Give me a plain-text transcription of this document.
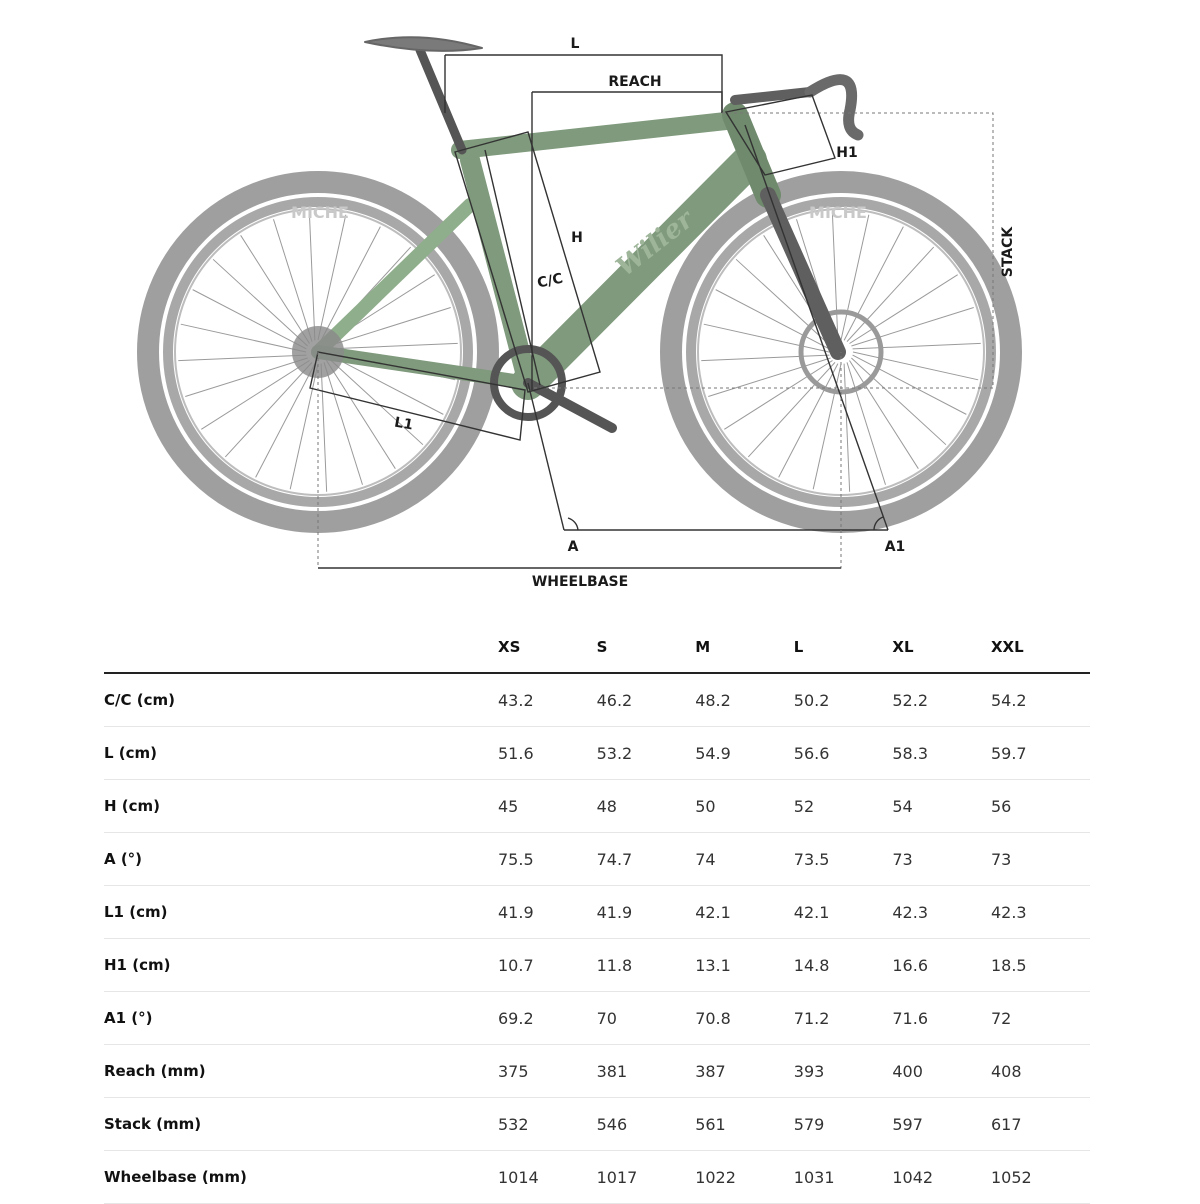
MICHE	MICHE
Wilier
L
REACH
H1
STACK
H
C/C
L1
A	A1
WHEELBASE
XS	S	M	L	XL	XXL
C/C (cm)	43.2	46.2	48.2	50.2	52.2	54.2
L (cm)	51.6	53.2	54.9	56.6	58.3	59.7
H (cm)	45	48	50	52	54	56
A (°)	75.5	74.7	74	73.5	73	73
L1 (cm)	41.9	41.9	42.1	42.1	42.3	42.3
H1 (cm)	10.7	11.8	13.1	14.8	16.6	18.5
A1 (°)	69.2	70	70.8	71.2	71.6	72
Reach (mm)	375	381	387	393	400	408
Stack (mm)	532	546	561	579	597	617
Wheelbase (mm)	1014	1017	1022	1031	1042	1052
